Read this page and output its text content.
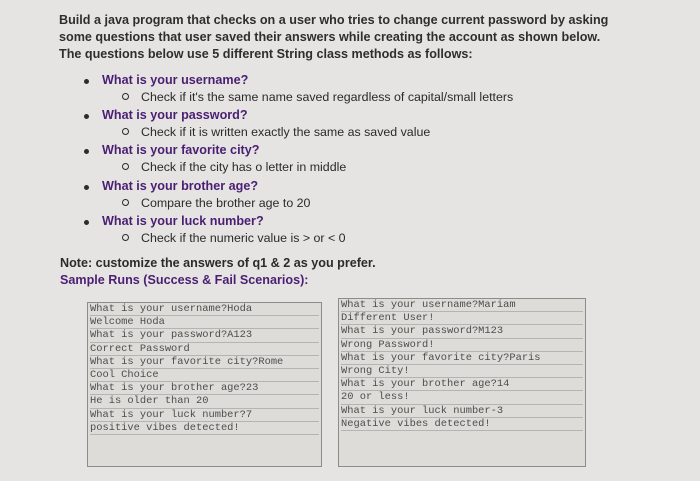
Build a java program that checks on a user who tries to change current password by asking some questions that user saved their answers while creating the account as shown below. The questions below use 5 different String class methods as follows:
What is your username?
Check if it's the same name saved regardless of capital/small letters
What is your password?
Check if it is written exactly the same as saved value
What is your favorite city?
Check if the city has o letter in middle
What is your brother age?
Compare the brother age to 20
What is your luck number?
Check if the numeric value is > or < 0
Note: customize the answers of q1 & 2 as you prefer.
Sample Runs (Success & Fail Scenarios):
What is your username?Hoda
Welcome Hoda
What is your password?A123
Correct Password
What is your favorite city?Rome
Cool Choice
What is your brother age?23
He is older than 20
What is your luck number?7
positive vibes detected!
What is your username?Mariam
Different User!
What is your password?M123
Wrong Password!
What is your favorite city?Paris
Wrong City!
What is your brother age?14
20 or less!
What is your luck number-3
Negative vibes detected!
